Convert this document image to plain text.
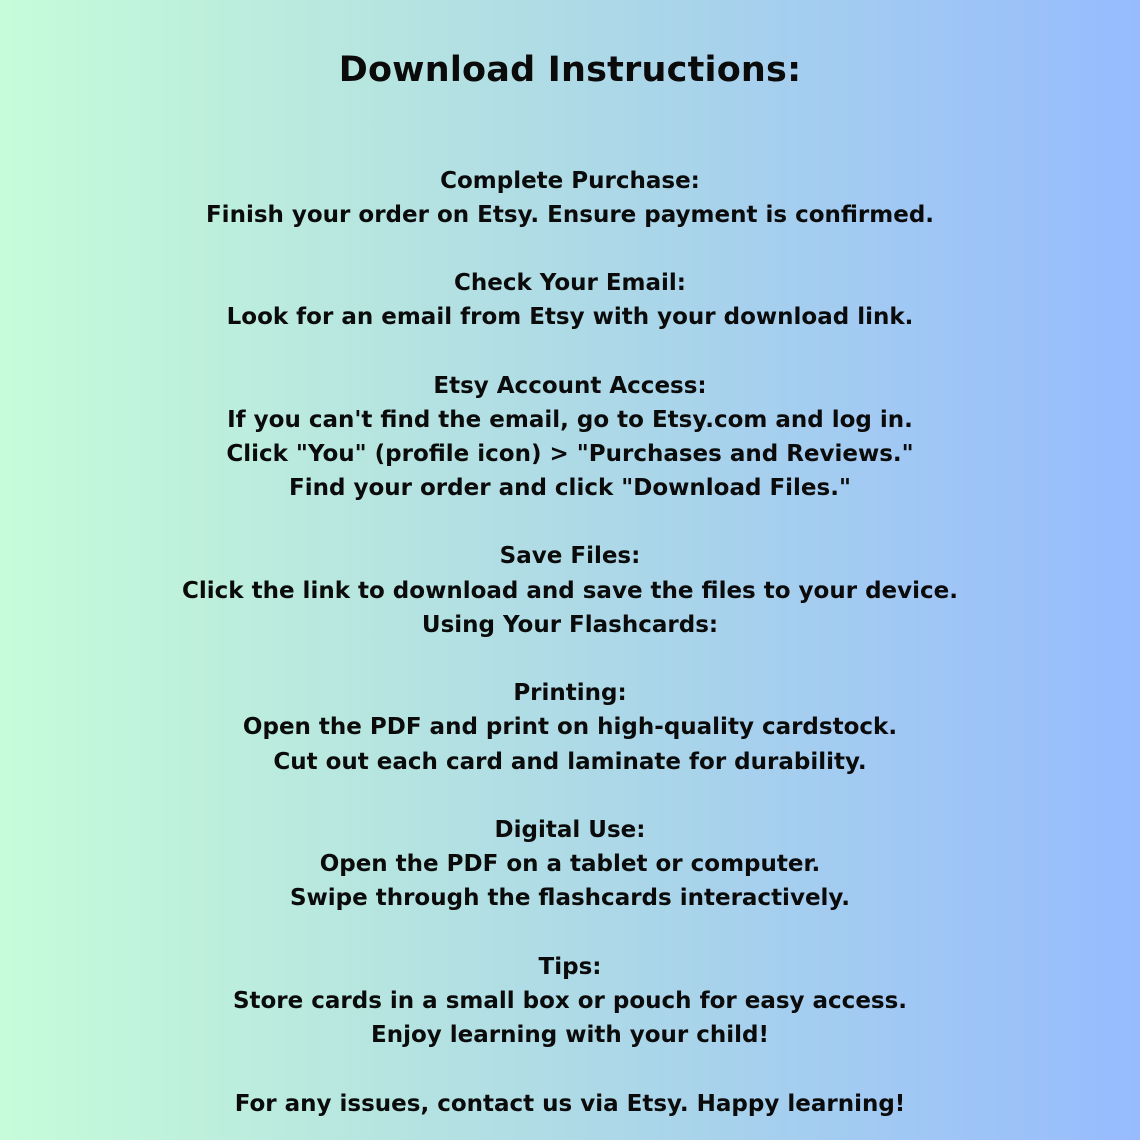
Download Instructions:
Complete Purchase:
Finish your order on Etsy. Ensure payment is confirmed.
Check Your Email:
Look for an email from Etsy with your download link.
Etsy Account Access:
If you can't find the email, go to Etsy.com and log in.
Click "You" (profile icon) > "Purchases and Reviews."
Find your order and click "Download Files."
Save Files:
Click the link to download and save the files to your device.
Using Your Flashcards:
Printing:
Open the PDF and print on high-quality cardstock.
Cut out each card and laminate for durability.
Digital Use:
Open the PDF on a tablet or computer.
Swipe through the flashcards interactively.
Tips:
Store cards in a small box or pouch for easy access.
Enjoy learning with your child!
For any issues, contact us via Etsy. Happy learning!
